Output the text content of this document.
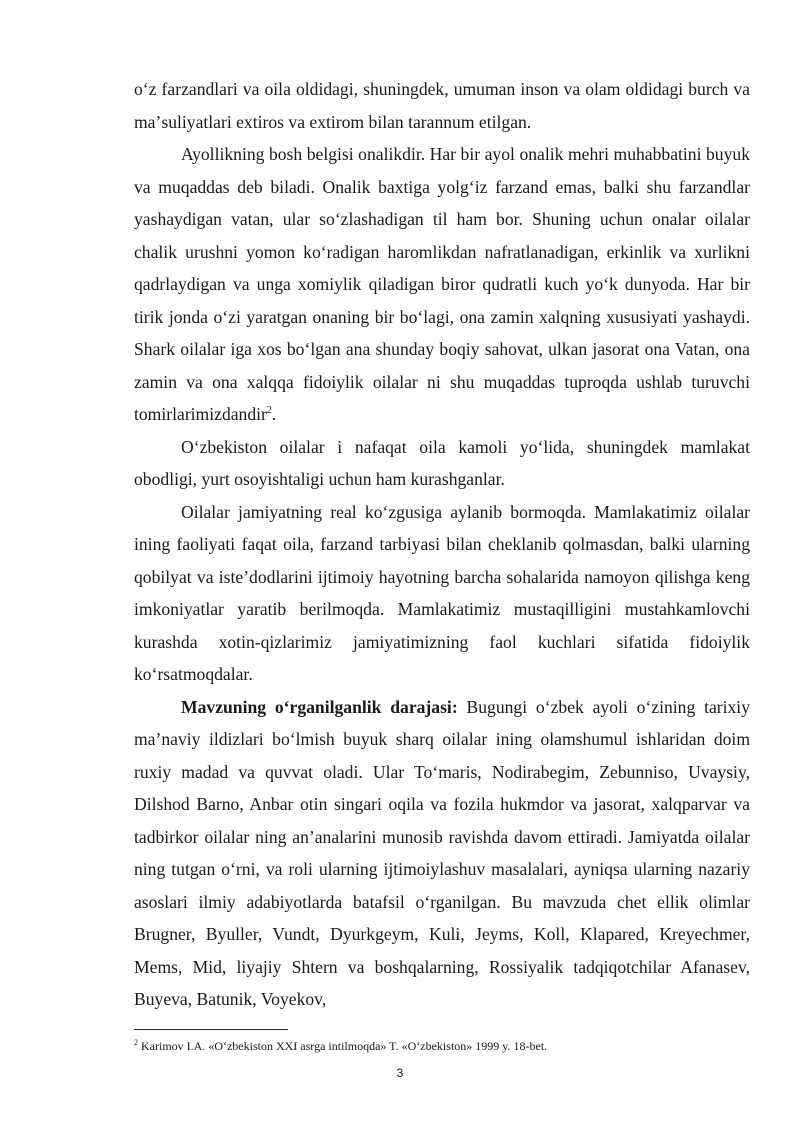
oʻz farzandlari va oila oldidagi, shuningdek, umuman inson va olam oldidagi burch va maʼsuliyatlari extiros va extirom bilan tarannum etilgan.

Ayollikning bosh belgisi onalikdir. Har bir ayol onalik mehri muhabbatini buyuk va muqaddas deb biladi. Onalik baxtiga yolgʻiz farzand emas, balki shu farzandlar yashaydigan vatan, ular soʻzlashadigan til ham bor. Shuning uchun onalar oilalar chalik urushni yomon koʻradigan haromlikdan nafratlanadigan, erkinlik va xurlikni qadrlaydigan va unga xomiylik qiladigan biror qudratli kuch yoʻk dunyoda. Har bir tirik jonda oʻzi yaratgan onaning bir boʻlagi, ona zamin xalqning xususiyati yashaydi. Shark oilalar iga xos boʻlgan ana shunday boqiy sahovat, ulkan jasorat ona Vatan, ona zamin va ona xalqqa fidoiylik oilalar ni shu muqaddas tuproqda ushlab turuvchi tomirlarimizdandir$^2$.

Oʻzbekiston oilalar i nafaqat oila kamoli yoʻlida, shuningdek mamlakat obodligi, yurt osoyishtaligi uchun ham kurashganlar.

Oilalar jamiyatning real koʻzgusiga aylanib bormoqda. Mamlakatimiz oilalar ining faoliyati faqat oila, farzand tarbiyasi bilan cheklanib qolmasdan, balki ularning qobilyat va isteʼdodlarini ijtimoiy hayotning barcha sohalarida namoyon qilishga keng imkoniyatlar yaratib berilmoqda. Mamlakatimiz mustaqilligini mustahkamlovchi kurashda xotin-qizlarimiz jamiyatimizning faol kuchlari sifatida fidoiylik koʻrsatmoqdalar.

Mavzuning oʻrganilganlik darajasi: Bugungi oʻzbek ayoli oʻzining tarixiy maʼnaviy ildizlari boʻlmish buyuk sharq oilalar ining olamshumul ishlaridan doim ruxiy madad va quvvat oladi. Ular Toʻmaris, Nodirabegim, Zebunniso, Uvaysiy, Dilshod Barno, Anbar otin singari oqila va fozila hukmdor va jasorat, xalqparvar va tadbirkor oilalar ning anʼanalarini munosib ravishda davom ettiradi. Jamiyatda oilalar ning tutgan oʻrni, va roli ularning ijtimoiylashuv masalalari, ayniqsa ularning nazariy asoslari ilmiy adabiyotlarda batafsil oʻrganilgan. Bu mavzuda chet ellik olimlar Brugner, Byuller, Vundt, Dyurkgeym, Kuli, Jeyms, Koll, Klapared, Kreyechmer, Mems, Mid, liyajiy Shtern va boshqalarning, Rossiyalik tadqiqotchilar Afanasev, Buyeva, Batunik, Voyekov,

$^2$ Karimov I.A. «Oʻzbekiston XXI asrga intilmoqda» T. «Oʻzbekiston» 1999 y. 18-bet.
3
